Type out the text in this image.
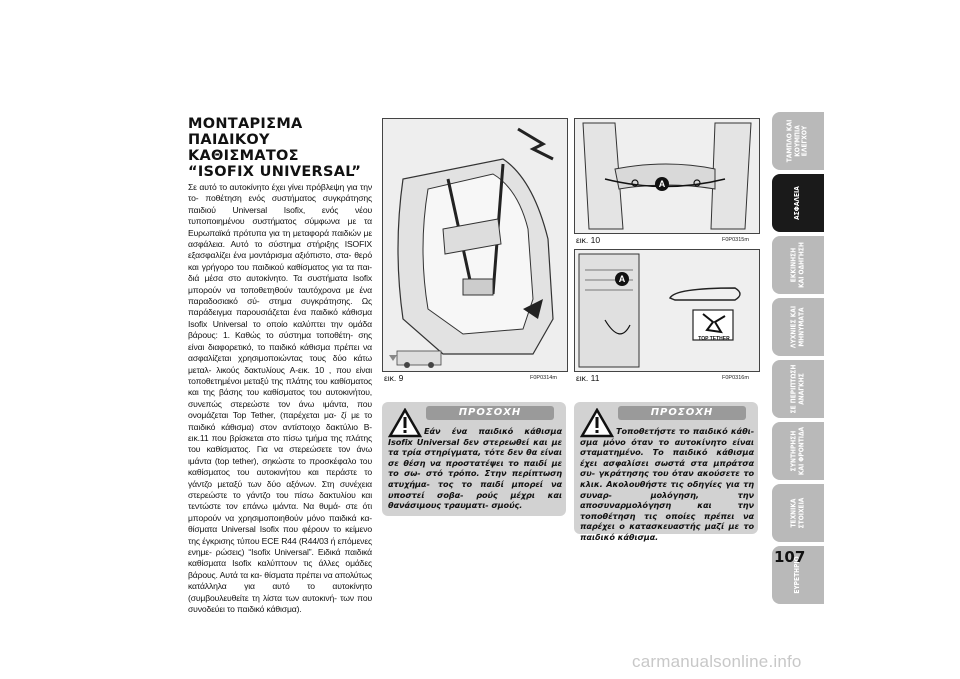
ΜΟΝΤΑΡΙΣΜΑ
ΠΑΙΔΙΚΟΥ
ΚΑΘΙΣΜΑΤΟΣ
“ISOFIX UNIVERSAL”

Σε αυτό το αυτοκίνητο έχει γίνει πρόβλεψη για την το- ποθέτηση ενός συστήματος συγκράτησης παιδιού Universal Isofix, ενός νέου τυποποιημένου συστήματος σύμφωνα με τα Ευρωπαϊκά πρότυπα για τη μεταφορά παιδιών με ασφάλεια. Αυτό το σύστημα στήριξης ISOFIX εξασφαλίζει ένα μοντάρισμα αξιόπιστο, στα- θερό και γρήγορο του παιδικού καθίσματος για τα παι- διά μέσα στο αυτοκίνητο. Τα συστήματα Isofix μπορούν να τοποθετηθούν ταυτόχρονα με ένα παραδοσιακό σύ- στημα συγκράτησης. Ως παράδειγμα παρουσιάζεται ένα παιδικό κάθισμα Isofix Universal το οποίο καλύπτει την ομάδα βάρους: 1. Καθώς το σύστημα τοποθέτη- σης είναι διαφορετικό, το παιδικό κάθισμα πρέπει να ασφαλίζεται χρησιμοποιώντας τους δύο κάτω μεταλ- λικούς δακτυλίους A-εικ. 10 , που είναι τοποθετημένοι μεταξύ της πλάτης του καθίσματος και της βάσης του καθίσματος του αυτοκινήτου, συνεπώς στερεώστε τον άνω ιμάντα, που ονομάζεται Top Tether, (παρέχεται μα- ζί με το παιδικό κάθισμα) στον αντίστοιχο δακτύλιο B- εικ.11 που βρίσκεται στο πίσω τμήμα της πλάτης του καθίσματος. Για να στερεώσετε τον άνω ιμάντα (top tether), σηκώστε το προσκέφαλο του καθίσματος του αυτοκινήτου και περάστε το γάντζο μεταξύ των δύο αξόνων. Στη συνέχεια στερεώστε το γάντζο του πίσω δακτυλίου και τεντώστε τον επάνω ιμάντα. Να θυμά- στε ότι μπορούν να χρησιμοποιηθούν μόνο παιδικά κα- θίσματα Universal Isofix που φέρουν το κείμενο της έγκρισης τύπου ECE R44 (R44/03 ή επόμενες ενημε- ρώσεις) “Isofix Universal”. Ειδικά παιδικά καθίσματα Isofix καλύπτουν τις άλλες ομάδες βάρους. Αυτά τα κα- θίσματα πρέπει να απολύτως κατάλληλα για αυτό το αυτοκίνητο (συμβουλευθείτε τη λίστα των αυτοκινή- των που συνοδεύει το παιδικό κάθισμα).

εικ. 9	F0P0314m
A
εικ. 10	F0P0315m
A
TOP TETHER
εικ. 11	F0P0316m
ΠΡΟΣΟΧΗ

Εάν ένα παιδικό κάθισμα Isofix Universal δεν στερεωθεί και με τα τρία στηρίγματα, τότε δεν θα είναι σε θέση να προστατέψει το παιδί με το σω- στό τρόπο. Στην περίπτωση ατυχήμα- τος το παιδί μπορεί να υποστεί σοβα- ρούς μέχρι και θανάσιμους τραυματι- σμούς.

ΠΡΟΣΟΧΗ

Τοποθετήστε το παιδικό κάθι- σμα μόνο όταν το αυτοκίνητο είναι σταματημένο. Το παιδικό κάθισμα έχει ασφαλίσει σωστά στα μπράτσα συ- γκράτησης του όταν ακούσετε το κλικ. Ακολουθήστε τις οδηγίες για τη συναρ- μολόγηση, την αποσυναρμολόγηση και την τοποθέτηση τις οποίες πρέπει να παρέχει ο κατασκευαστής μαζί με το παιδικό κάθισμα.

ΤΑΜΠΛΟ ΚΑΙ
ΚΟΥΜΠΙΑ
ΕΛΕΓΧΟΥ
ΑΣΦΑΛΕΙΑ
ΕΚΚΙΝΗΣΗ
ΚΑΙ ΟΔΗΓΗΣΗ
ΛΥΧΝΙΕΣ ΚΑΙ
ΜΗΝΥΜΑΤΑ
ΣΕ ΠΕΡΙΠΤΩΣΗ
ΑΝΑΓΚΗΣ
ΣΥΝΤΗΡΗΣΗ
ΚΑΙ ΦΡΟΝΤΙΔΑ
ΤΕΧΝΙΚΑ
ΣΤΟΙΧΕΙΑ
ΕΥΡΕΤΗΡΙΟ
107
carmanualsonline.info
